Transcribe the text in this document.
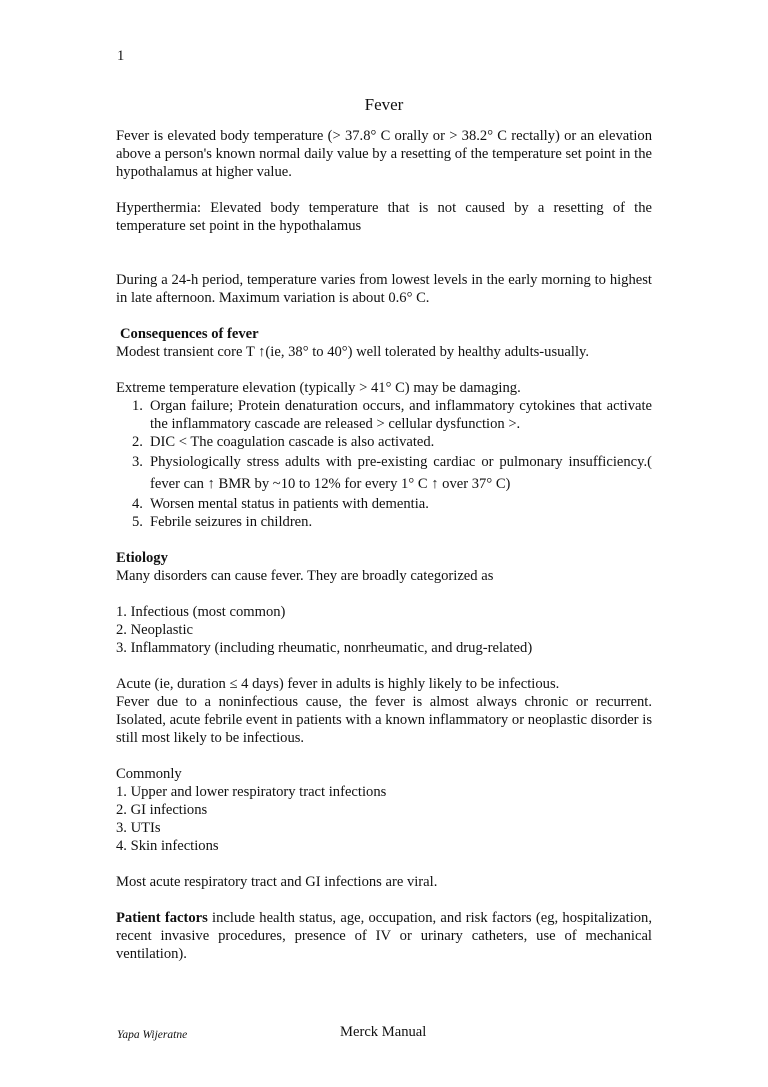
1
Fever

Fever is elevated body temperature (> 37.8° C orally or > 38.2° C rectally) or an elevation above a person's known normal daily value by a resetting of the temperature set point in the hypothalamus at higher value.

Hyperthermia: Elevated body temperature that is not caused by a resetting of the temperature set point in the hypothalamus

During a 24-h period, temperature varies from lowest levels in the early morning to highest in late afternoon. Maximum variation is about 0.6° C.

Consequences of fever

Modest transient core T ↑(ie, 38° to 40°) well tolerated by healthy adults-usually.

Extreme temperature elevation (typically > 41° C) may be damaging.

1. Organ failure; Protein denaturation occurs, and inflammatory cytokines that activate the inflammatory cascade are released > cellular dysfunction >.
2. DIC < The coagulation cascade is also activated.
3. Physiologically stress adults with pre-existing cardiac or pulmonary insufficiency.( fever can ↑ BMR by ~10 to 12% for every 1° C ↑ over 37° C)
4. Worsen mental status in patients with dementia.
5. Febrile seizures in children.

Etiology

Many disorders can cause fever. They are broadly categorized as

1. Infectious (most common)

2. Neoplastic

3. Inflammatory (including rheumatic, nonrheumatic, and drug-related)

Acute (ie, duration ≤ 4 days) fever in adults is highly likely to be infectious.

Fever due to a noninfectious cause, the fever is almost always chronic or recurrent. Isolated, acute febrile event in patients with a known inflammatory or neoplastic disorder is still most likely to be infectious.

Commonly

1. Upper and lower respiratory tract infections

2. GI infections

3. UTIs

4. Skin infections

Most acute respiratory tract and GI infections are viral.

Patient factors include health status, age, occupation, and risk factors (eg, hospitalization, recent invasive procedures, presence of IV or urinary catheters, use of mechanical ventilation).

Yapa Wijeratne	Merck Manual
